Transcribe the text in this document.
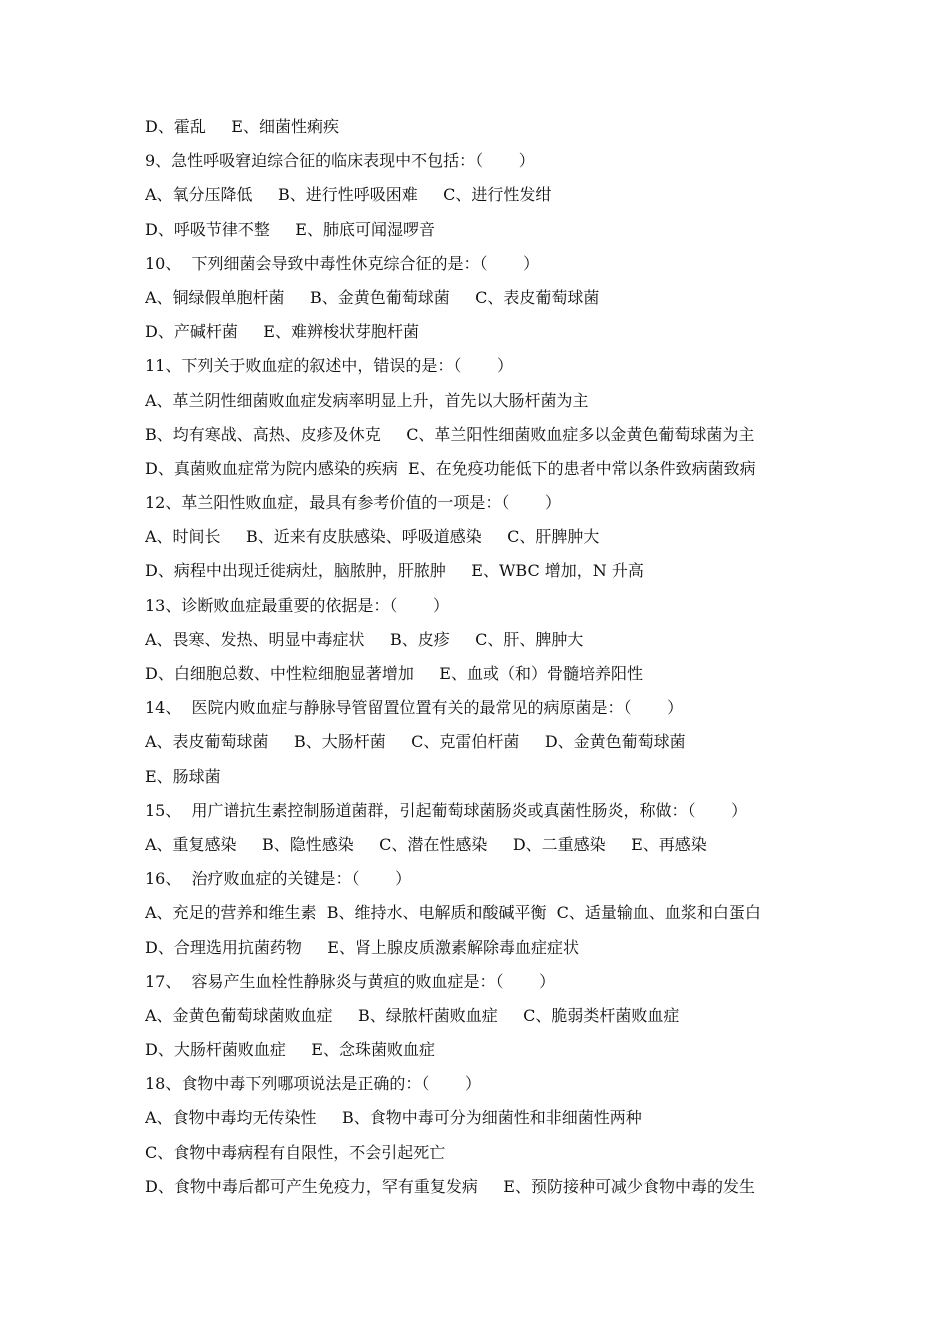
D、霍乱     E、细菌性痢疾
9、急性呼吸窘迫综合征的临床表现中不包括：（       ）
A、氧分压降低     B、进行性呼吸困难     C、进行性发绀
D、呼吸节律不整     E、肺底可闻湿啰音
10、  下列细菌会导致中毒性休克综合征的是：（       ）
A、铜绿假单胞杆菌     B、金黄色葡萄球菌     C、表皮葡萄球菌
D、产碱杆菌     E、难辨梭状芽胞杆菌
11、下列关于败血症的叙述中，错误的是：（       ）
A、革兰阴性细菌败血症发病率明显上升，首先以大肠杆菌为主
B、均有寒战、高热、皮疹及休克     C、革兰阳性细菌败血症多以金黄色葡萄球菌为主
D、真菌败血症常为院内感染的疾病  E、在免疫功能低下的患者中常以条件致病菌致病
12、革兰阳性败血症，最具有参考价值的一项是：（       ）
A、时间长     B、近来有皮肤感染、呼吸道感染     C、肝脾肿大
D、病程中出现迁徙病灶，脑脓肿，肝脓肿     E、WBC 增加，N 升高
13、诊断败血症最重要的依据是：（       ）
A、畏寒、发热、明显中毒症状     B、皮疹     C、肝、脾肿大
D、白细胞总数、中性粒细胞显著增加     E、血或（和）骨髓培养阳性
14、  医院内败血症与静脉导管留置位置有关的最常见的病原菌是：（       ）
A、表皮葡萄球菌     B、大肠杆菌     C、克雷伯杆菌     D、金黄色葡萄球菌
E、肠球菌
15、  用广谱抗生素控制肠道菌群，引起葡萄球菌肠炎或真菌性肠炎，称做：（       ）
A、重复感染     B、隐性感染     C、潜在性感染     D、二重感染     E、再感染
16、  治疗败血症的关键是：（       ）
A、充足的营养和维生素  B、维持水、电解质和酸碱平衡  C、适量输血、血浆和白蛋白
D、合理选用抗菌药物     E、肾上腺皮质激素解除毒血症症状
17、  容易产生血栓性静脉炎与黄疸的败血症是：（       ）
A、金黄色葡萄球菌败血症     B、绿脓杆菌败血症     C、脆弱类杆菌败血症
D、大肠杆菌败血症     E、念珠菌败血症
18、食物中毒下列哪项说法是正确的：（       ）
A、食物中毒均无传染性     B、食物中毒可分为细菌性和非细菌性两种
C、食物中毒病程有自限性，不会引起死亡
D、食物中毒后都可产生免疫力，罕有重复发病     E、预防接种可减少食物中毒的发生
